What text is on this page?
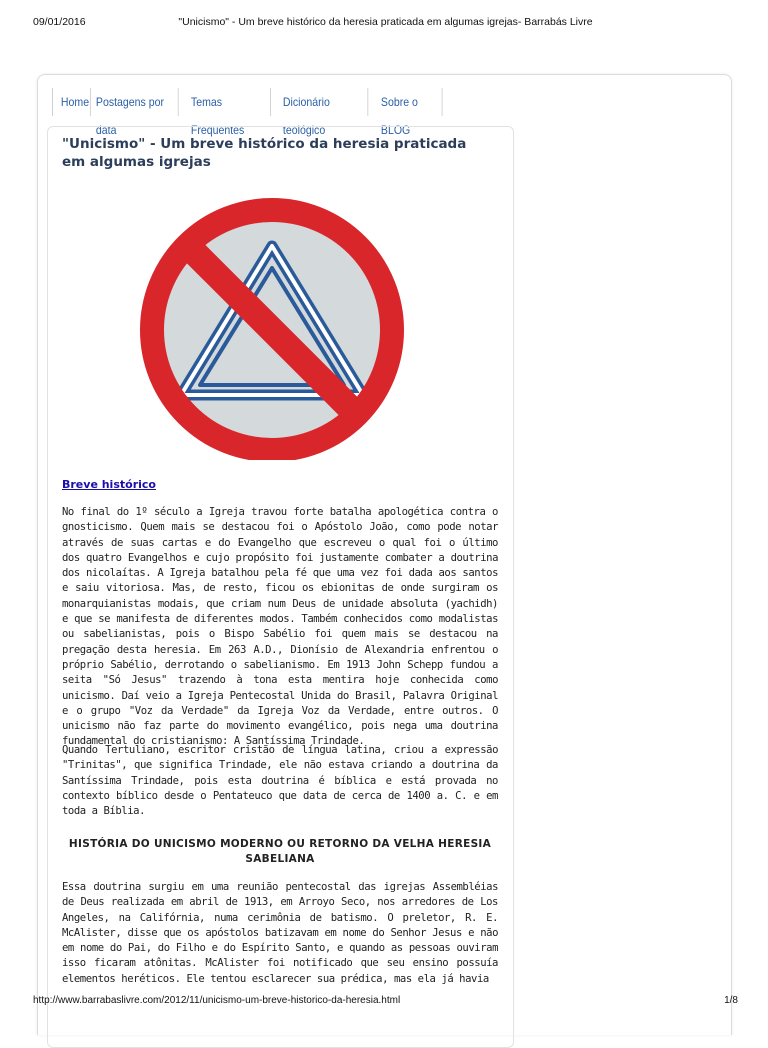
09/01/2016	"Unicismo" - Um breve histórico da heresia praticada em algumas igrejas- Barrabás Livre
Home Postagens por data
Temas Frequentes
Dicionário teológico
Sobre o BLOG
"Unicismo" - Um breve histórico da heresia praticada em algumas igrejas
Breve histórico

No final do 1º século a Igreja travou forte batalha apologética contra o gnosticismo. Quem mais se destacou foi o Apóstolo João, como pode notar através de suas cartas e do Evangelho que escreveu o qual foi o último dos quatro Evangelhos e cujo propósito foi justamente combater a doutrina dos nicolaítas. A Igreja batalhou pela fé que uma vez foi dada aos santos e saiu vitoriosa. Mas, de resto, ficou os ebionitas de onde surgiram os monarquianistas modais, que criam num Deus de unidade absoluta (yachidh) e que se manifesta de diferentes modos. Também conhecidos como modalistas ou sabelianistas, pois o Bispo Sabélio foi quem mais se destacou na pregação desta heresia. Em 263 A.D., Dionísio de Alexandria enfrentou o próprio Sabélio, derrotando o sabelianismo. Em 1913 John Schepp fundou a seita "Só Jesus" trazendo à tona esta mentira hoje conhecida como unicismo. Daí veio a Igreja Pentecostal Unida do Brasil, Palavra Original e o grupo "Voz da Verdade" da Igreja Voz da Verdade, entre outros. O unicismo não faz parte do movimento evangélico, pois nega uma doutrina fundamental do cristianismo: A Santíssima Trindade.

Quando Tertuliano, escritor cristão de língua latina, criou a expressão "Trinitas", que significa Trindade, ele não estava criando a doutrina da Santíssima Trindade, pois esta doutrina é bíblica e está provada no contexto bíblico desde o Pentateuco que data de cerca de 1400 a. C. e em toda a Bíblia.

HISTÓRIA DO UNICISMO MODERNO OU RETORNO DA VELHA HERESIA SABELIANA

Essa doutrina surgiu em uma reunião pentecostal das igrejas Assembléias de Deus realizada em abril de 1913, em Arroyo Seco, nos arredores de Los Angeles, na Califórnia, numa cerimônia de batismo. O preletor, R. E. McAlister, disse que os apóstolos batizavam em nome do Senhor Jesus e não em nome do Pai, do Filho e do Espírito Santo, e quando as pessoas ouviram isso ficaram atônitas. McAlister foi notificado que seu ensino possuía elementos heréticos. Ele tentou esclarecer sua prédica, mas ela já havia

http://www.barrabaslivre.com/2012/11/unicismo-um-breve-historico-da-heresia.html	1/8
